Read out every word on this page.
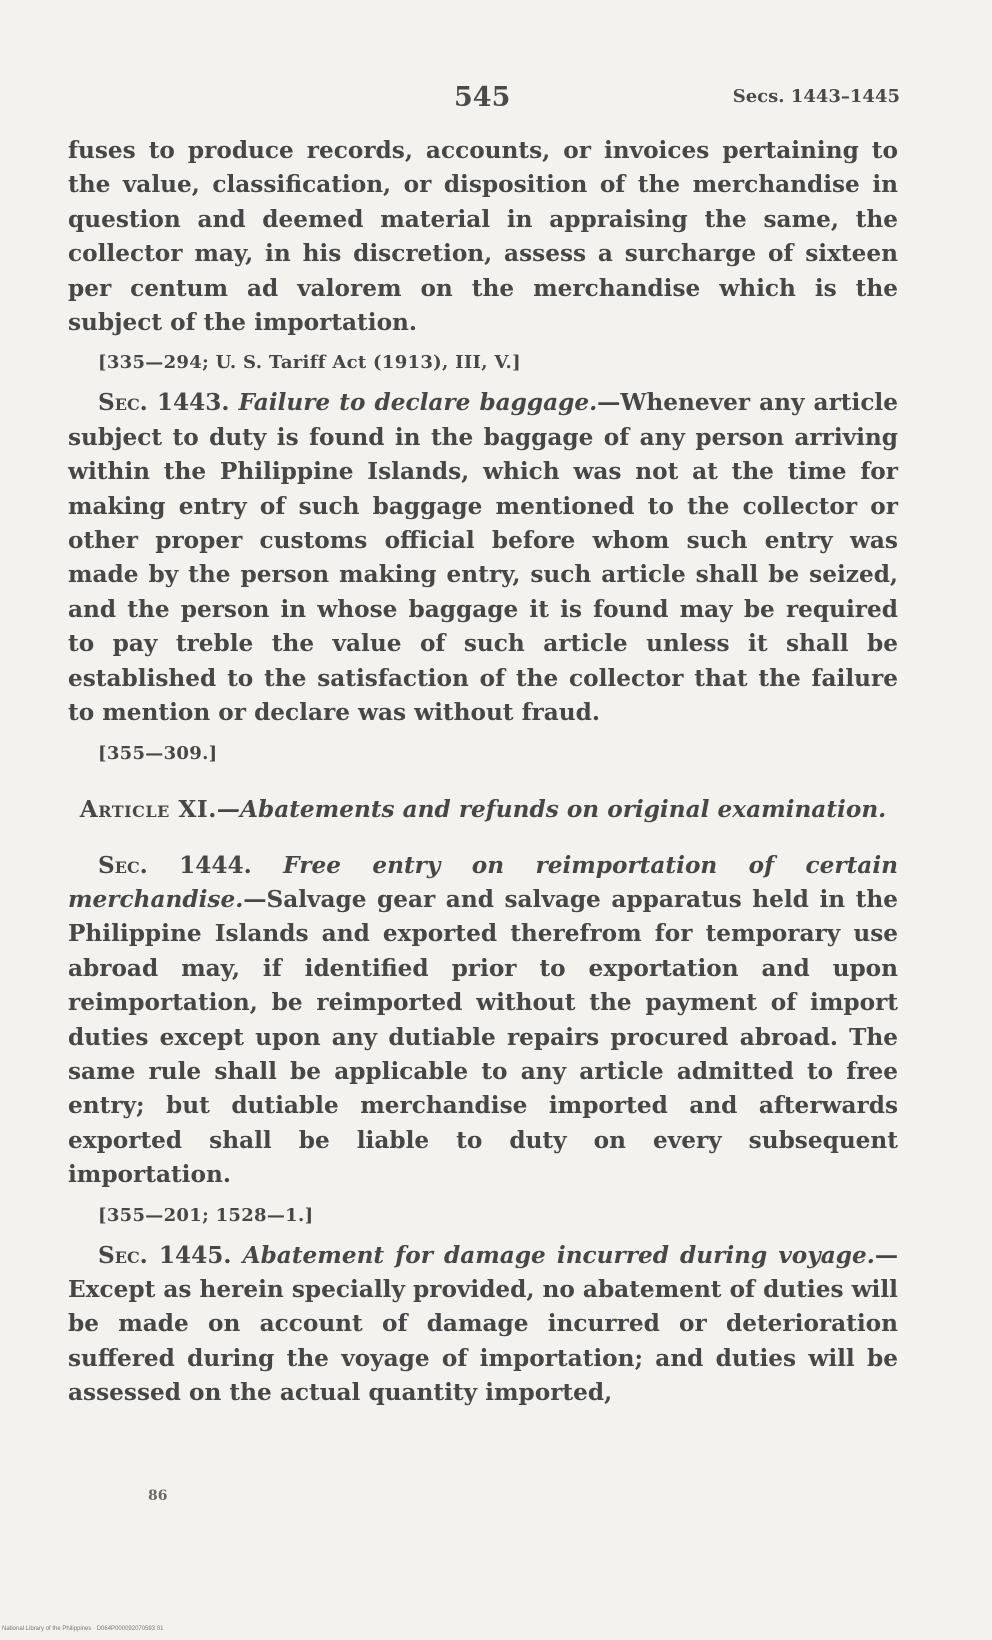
545	Secs. 1443–1445

fuses to produce records, accounts, or invoices pertaining to the value, classification, or disposition of the merchandise in question and deemed material in appraising the same, the collector may, in his discretion, assess a surcharge of sixteen per centum ad valorem on the merchandise which is the subject of the importation.

[335—294; U. S. Tariff Act (1913), III, V.]

Sec. 1443. Failure to declare baggage.—Whenever any article subject to duty is found in the baggage of any person arriving within the Philippine Islands, which was not at the time for making entry of such baggage mentioned to the collector or other proper customs official before whom such entry was made by the person making entry, such article shall be seized, and the person in whose baggage it is found may be required to pay treble the value of such article unless it shall be established to the satisfaction of the collector that the failure to mention or declare was without fraud.

[355—309.]

Article XI.—Abatements and refunds on original examination.

Sec. 1444. Free entry on reimportation of certain merchandise.—Salvage gear and salvage apparatus held in the Philippine Islands and exported therefrom for temporary use abroad may, if identified prior to exportation and upon reimportation, be reimported without the payment of import duties except upon any dutiable repairs procured abroad. The same rule shall be applicable to any article admitted to free entry; but dutiable merchandise imported and afterwards exported shall be liable to duty on every subsequent importation.

[355—201; 1528—1.]

Sec. 1445. Abatement for damage incurred during voyage.—Except as herein specially provided, no abatement of duties will be made on account of damage incurred or deterioration suffered during the voyage of importation; and duties will be assessed on the actual quantity imported,

86
National Library of the Philippines · D064P000092070593 01
